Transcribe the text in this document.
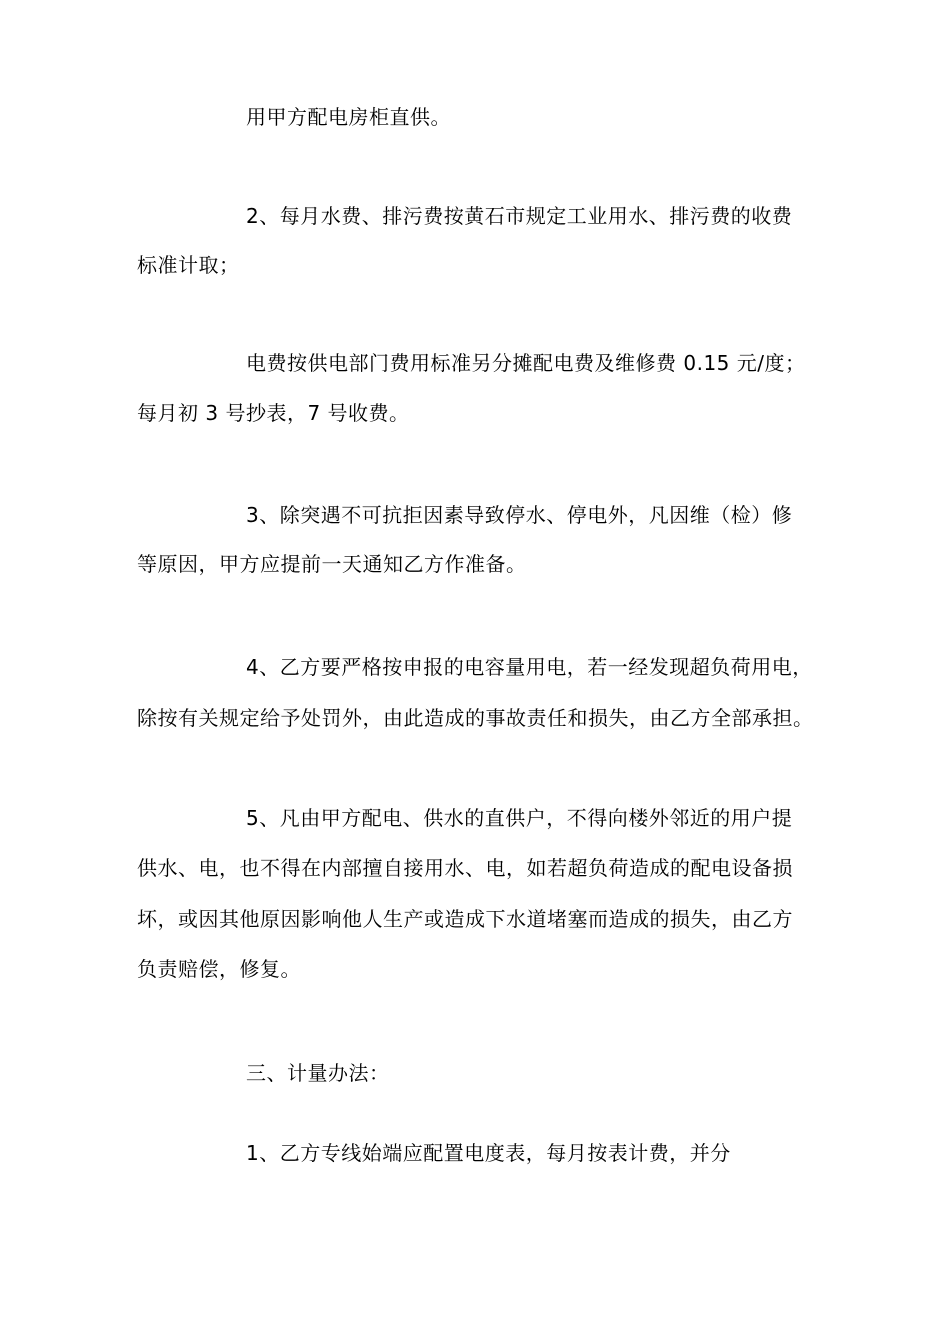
用甲方配电房柜直供。
2、每月水费、排污费按黄石市规定工业用水、排污费的收费
标准计取；
电费按供电部门费用标准另分摊配电费及维修费 0.15 元/度；
每月初 3 号抄表，7 号收费。
3、除突遇不可抗拒因素导致停水、停电外，凡因维（检）修
等原因，甲方应提前一天通知乙方作准备。
4、乙方要严格按申报的电容量用电，若一经发现超负荷用电，
除按有关规定给予处罚外，由此造成的事故责任和损失，由乙方全部承担。
5、凡由甲方配电、供水的直供户，不得向楼外邻近的用户提
供水、电，也不得在内部擅自接用水、电，如若超负荷造成的配电设备损
坏，或因其他原因影响他人生产或造成下水道堵塞而造成的损失，由乙方
负责赔偿，修复。
三、计量办法：
1、乙方专线始端应配置电度表，每月按表计费，并分
